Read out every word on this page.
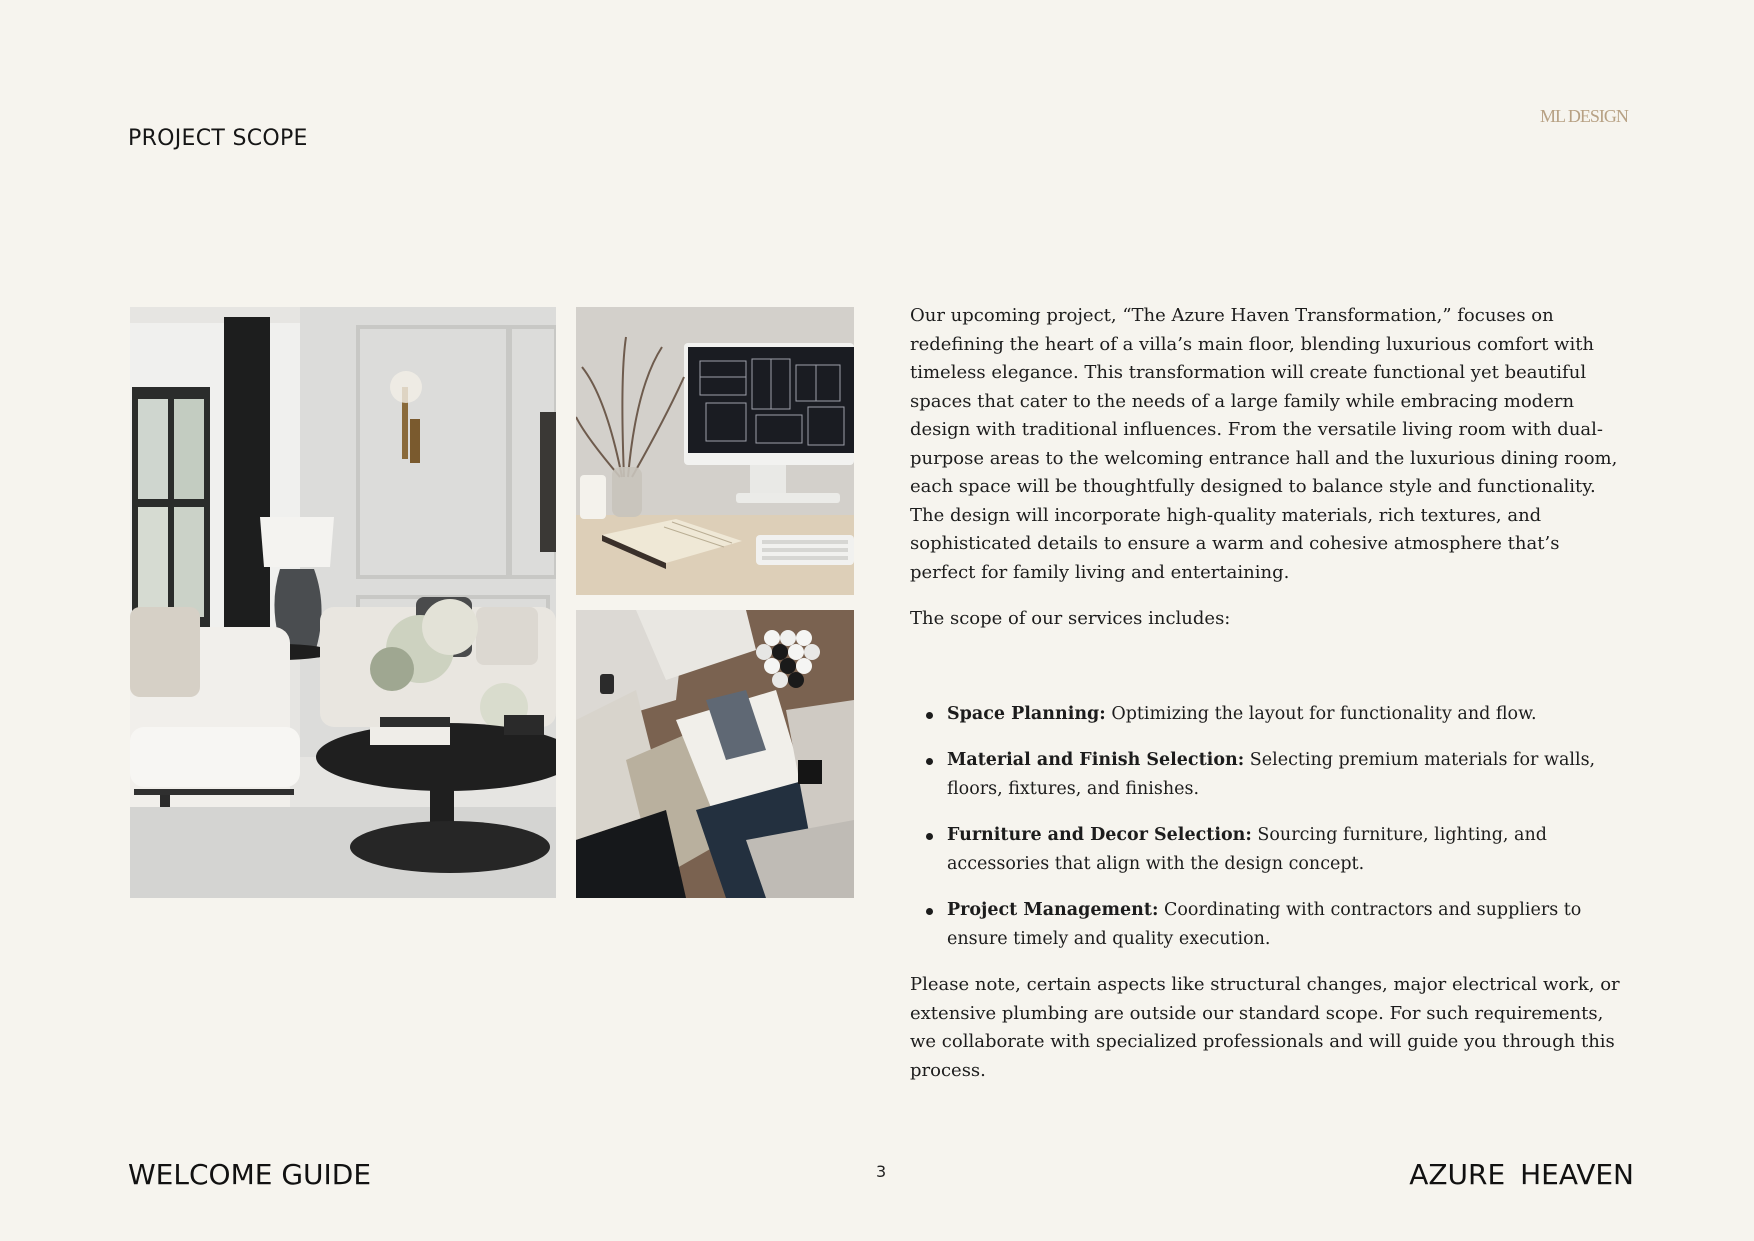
PROJECT SCOPE
ML DESIGN

Our upcoming project, “The Azure Haven Transformation,” focuses on redefining the heart of a villa’s main floor, blending luxurious comfort with timeless elegance. This transformation will create functional yet beautiful spaces that cater to the needs of a large family while embracing modern design with traditional influences. From the versatile living room with dual-purpose areas to the welcoming entrance hall and the luxurious dining room, each space will be thoughtfully designed to balance style and functionality. The design will incorporate high-quality materials, rich textures, and sophisticated details to ensure a warm and cohesive atmosphere that’s perfect for family living and entertaining.

The scope of our services includes:

Space Planning: Optimizing the layout for functionality and flow.
Material and Finish Selection: Selecting premium materials for walls, floors, fixtures, and finishes.
Furniture and Decor Selection: Sourcing furniture, lighting, and accessories that align with the design concept.
Project Management: Coordinating with contractors and suppliers to ensure timely and quality execution.

Please note, certain aspects like structural changes, major electrical work, or extensive plumbing are outside our standard scope. For such requirements, we collaborate with specialized professionals and will guide you through this process.

WELCOME GUIDE	3	AZURE HEAVEN
